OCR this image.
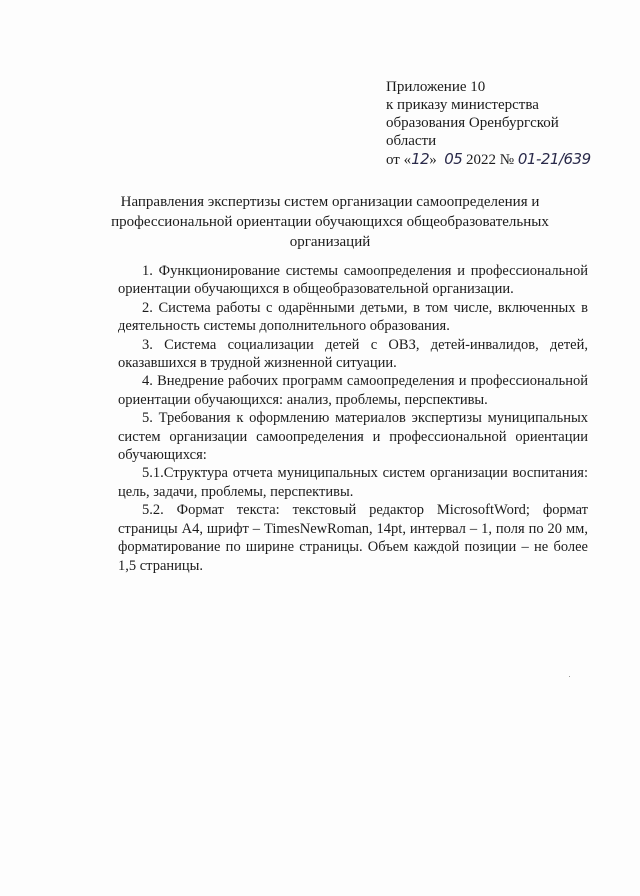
Приложение 10
к приказу министерства
образования Оренбургской
области
от «12» 05 2022 № 01-21/639
Направления экспертизы систем организации самоопределения и профессиональной ориентации обучающихся общеобразовательных организаций

1. Функционирование системы самоопределения и профессиональной ориентации обучающихся в общеобразовательной организации.

2. Система работы с одарёнными детьми, в том числе, включенных в деятельность системы дополнительного образования.

3. Система социализации детей с ОВЗ, детей-инвалидов, детей, оказавшихся в трудной жизненной ситуации.

4. Внедрение рабочих программ самоопределения и профессиональной ориентации обучающихся: анализ, проблемы, перспективы.

5. Требования к оформлению материалов экспертизы муниципальных систем организации самоопределения и профессиональной ориентации обучающихся:

5.1.Структура отчета муниципальных систем организации воспитания: цель, задачи, проблемы, перспективы.

5.2. Формат текста: текстовый редактор MicrosoftWord; формат страницы А4, шрифт – TimesNewRoman, 14pt, интервал – 1, поля по 20 мм, форматирование по ширине страницы. Объем каждой позиции – не более 1,5 страницы.
